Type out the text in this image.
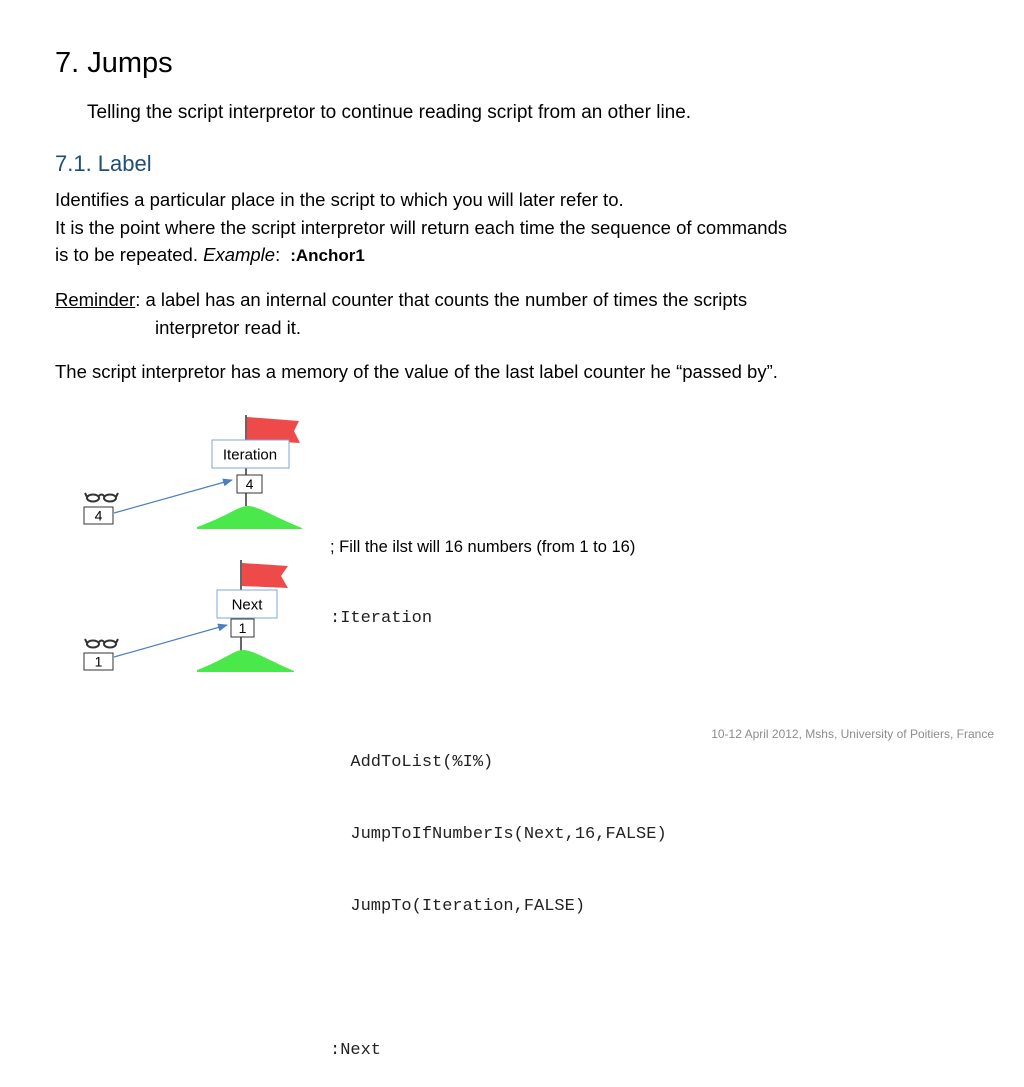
7. Jumps
Telling the script interpretor to continue reading script from an other line.
7.1. Label
Identifies a particular place in the script to which you will later refer to.
It is the point where the script interpretor will return each time the sequence of commands
is to be repeated. Example: :Anchor1
Reminder: a label has an internal counter that counts the number of times the scripts
interpretor read it.
The script interpretor has a memory of the value of the last label counter he “passed by”.
Iteration
4
4
Next
1
1

; Fill the ilst will 16 numbers (from 1 to 16)

:Iteration

AddToList(%I%)

JumpToIfNumberIs(Next,16,FALSE)

JumpTo(Iteration,FALSE)

:Next

10-12 April 2012, Mshs, University of Poitiers, France
